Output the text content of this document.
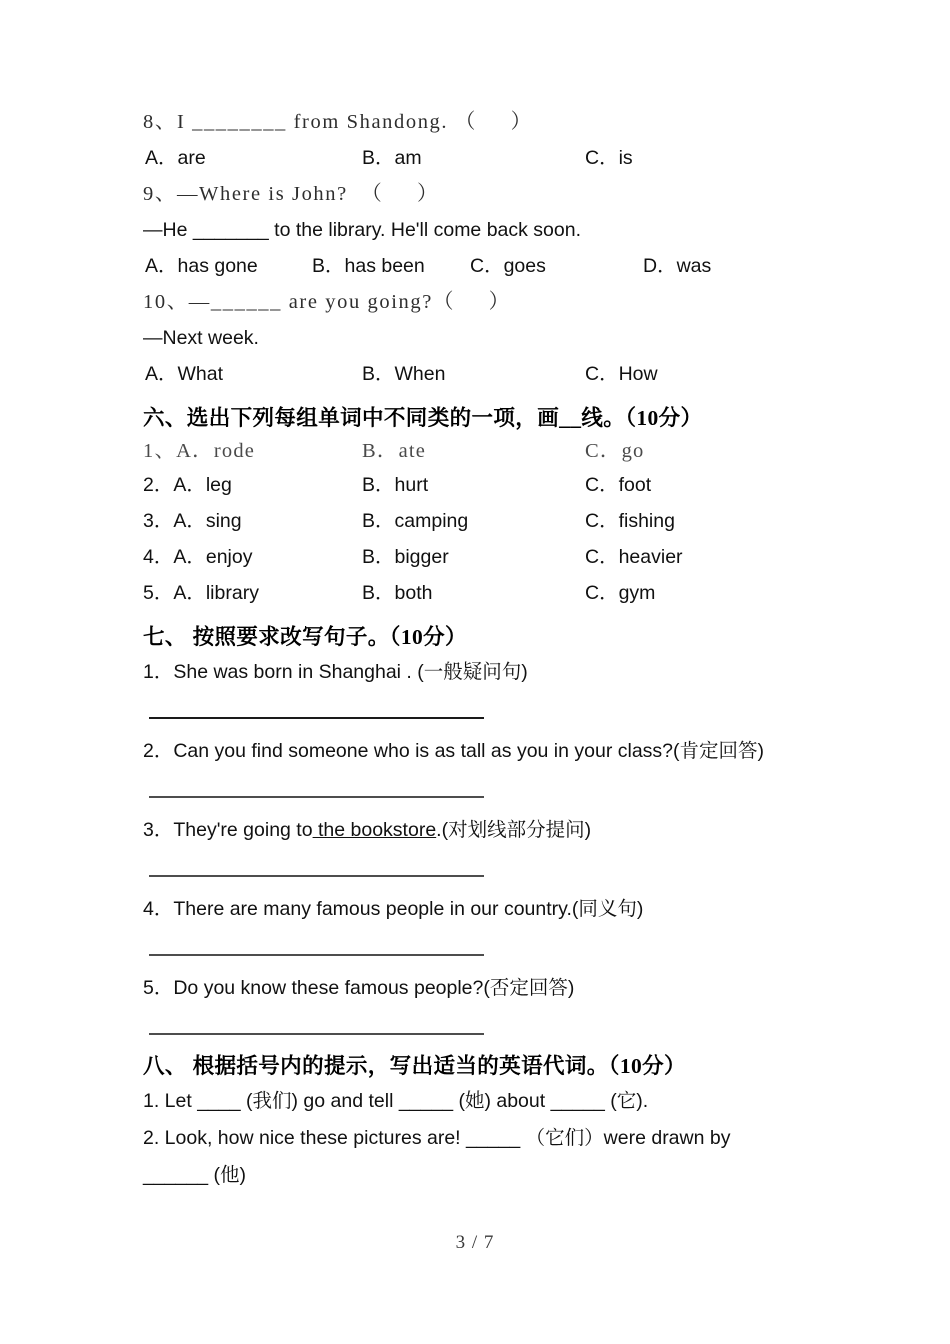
8、I ________ from Shandong. （     ）

A．are

	B．am

	C．is

9、—Where is John?  （     ）
—He _______ to the library. He'll come back soon.

A．has gone

	B．has been

C．goes

	D．was

10、—______ are you going?（     ）
—Next week.

A．What

	B．When

	C．How

六、选出下列每组单词中不同类的一项，画__线。（10分）
1、A．rode	B．ate	C．go

2．A．leg

	B．hurt

	C．foot

3．A．sing

	B．camping

	C．fishing

4．A．enjoy

	B．bigger

	C．heavier

5．A．library

	B．both

	C．gym

七、 按照要求改写句子。（10分）
1．She was born in Shanghai . (一般疑问句)
2．Can you find someone who is as tall as you in your class?(肯定回答)
3．They're going to the bookstore.(对划线部分提问)
4．There are many famous people in our country.(同义句)
5．Do you know these famous people?(否定回答)
八、 根据括号内的提示，写出适当的英语代词。（10分）
1. Let ____ (我们) go and tell _____ (她) about _____ (它).
2. Look, how nice these pictures are! _____ （它们）were drawn by
______ (他)
3 / 7
